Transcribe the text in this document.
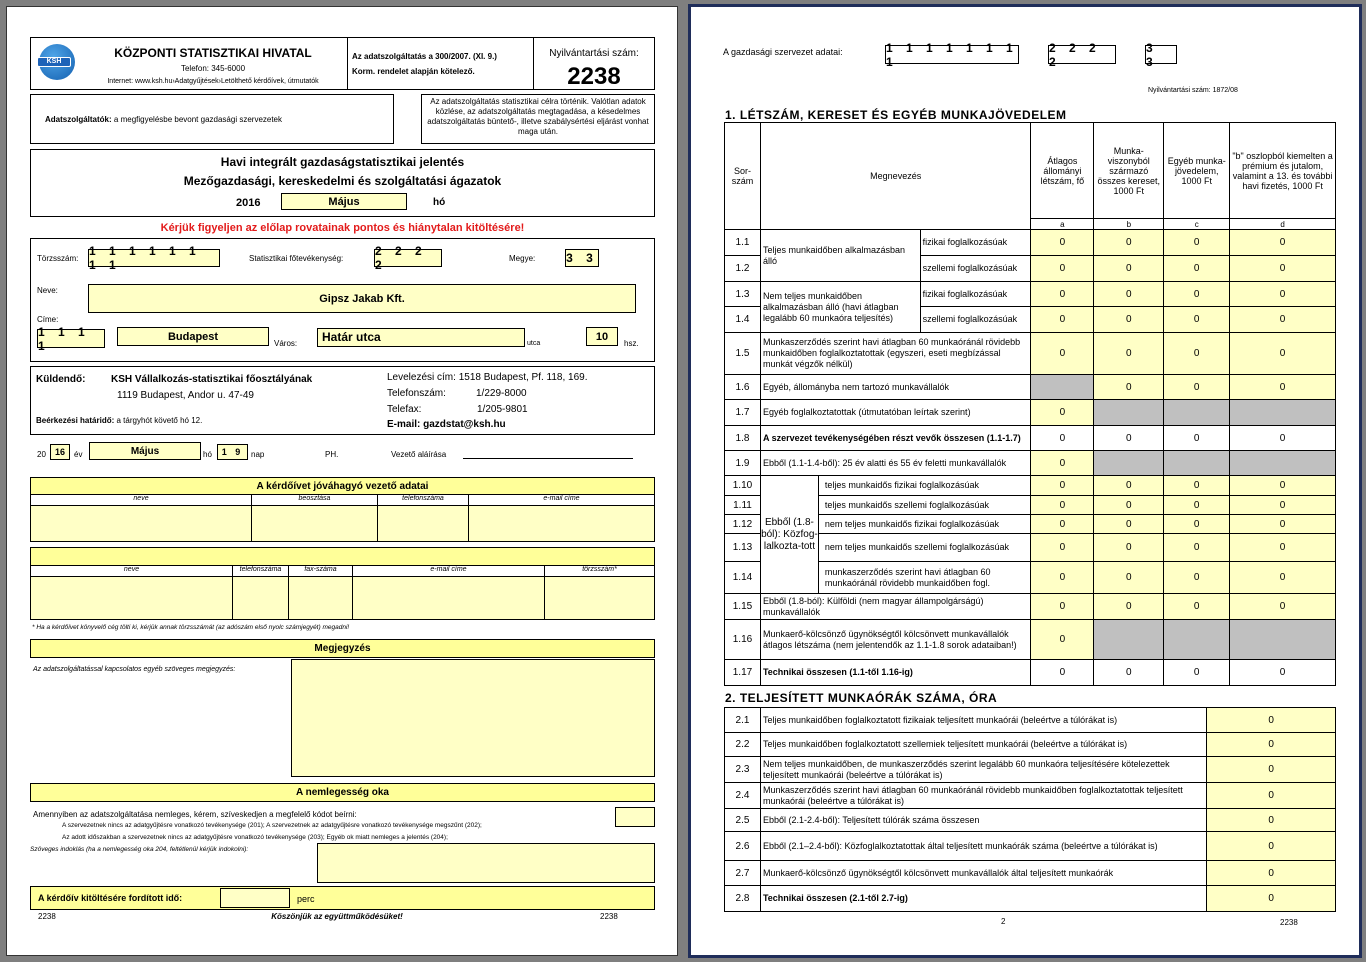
KSH
KÖZPONTI STATISZTIKAI HIVATAL
Telefon: 345-6000
Internet: www.ksh.hu›Adatgyűjtések›Letölthető kérdőívek, útmutatók
Az adatszolgáltatás a 300/2007. (XI. 9.)
Korm. rendelet alapján kötelező.
Nyilvántartási szám:
2238
Adatszolgáltatók: a megfigyelésbe bevont gazdasági szervezetek
Az adatszolgáltatás statisztikai célra történik. Valótlan adatok közlése, az adatszolgáltatás megtagadása, a késedelmes adatszolgáltatás büntető-, illetve szabálysértési eljárást vonhat maga után.
Havi integrált gazdaságstatisztikai jelentés
Mezőgazdasági, kereskedelmi és szolgáltatási ágazatok
2016	Május	hó
Kérjük figyeljen az előlap rovatainak pontos és hiánytalan kitöltésére!
Törzsszám:
1 1 1 1 1 1 1 1	Statisztikai főtevékenység:
2 2 2 2	Megye:	3 3
Neve:
Gipsz Jakab Kft.
Címe:
1 1 1 1
Budapest
Város:	Határ utca	utca
10
hsz.
Küldendő:	KSH Vállalkozás-statisztikai főosztályának
1119 Budapest, Andor u. 47-49
Beérkezési határidő: a tárgyhót követő hó 12.
Levelezési cím: 1518 Budapest, Pf. 118, 169.
Telefonszám:	1/229-8000
Telefax:	1/205-9801
E-mail: gazdstat@ksh.hu
20	16	év	Május	hó	1 9 nap	PH.	Vezető aláírása
A kérdőívet jóváhagyó vezető adatai
neve	beosztása	telefonszáma	e-mail címe
neve	telefonszáma	fax-száma	e-mail címe	törzsszám*
* Ha a kérdőívet könyvelő cég tölti ki, kérjük annak törzsszámát (az adószám első nyolc számjegyét) megadni!
Megjegyzés
Az adatszolgáltatással kapcsolatos egyéb szöveges megjegyzés:
A nemlegesség oka
Amennyiben az adatszolgáltatása nemleges, kérem, szíveskedjen a megfelelő kódot beírni:
A szervezetnek nincs az adatgyűjtésre vonatkozó tevékenysége (201); A szervezetnek az adatgyűjtésre vonatkozó tevékenysége megszűnt (202);
Az adott időszakban a szervezetnek nincs az adatgyűjtésre vonatkozó tevékenysége (203); Egyéb ok miatt nemleges a jelentés (204);
Szöveges indoklás (ha a nemlegesség oka 204, feltétlenül kérjük indokolni):
A kérdőív kitöltésére fordított idő:	perc
2238	Köszönjük az együttműködésüket!	2238
A gazdasági szervezet adatai:	1 1 1 1 1 1 1 1
2 2 2 2
3 3
Nyilvántartási szám: 1872/08
1. LÉTSZÁM, KERESET ÉS EGYÉB MUNKAJÖVEDELEM
Sor-szám	Megnevezés			Átlagos állományi létszám, fő	Munka-viszonyból származó összes kereset, 1000 Ft	Egyéb munka-jövedelem, 1000 Ft	"b" oszlopból kiemelten a prémium és jutalom, valamint a 13. és további havi fizetés, 1000 Ft
				a	b	c	d
1.1	Teljes munkaidőben alkalmazásban álló		fizikai foglalkozásúak	0	0	0	0
1.2			szellemi foglalkozásúak	0	0	0	0
1.3	Nem teljes munkaidőben alkalmazásban álló (havi átlagban legalább 60 munkaóra teljesítés)		fizikai foglalkozásúak	0	0	0	0
1.4			szellemi foglalkozásúak	0	0	0	0
1.5	Munkaszerződés szerint havi átlagban 60 munkaóránál rövidebb munkaidőben foglalkoztatottak (egyszeri, eseti megbízással munkát végzők nélkül)			0	0	0	0
1.6	Egyéb, állományba nem tartozó munkavállalók				0	0	0
1.7	Egyéb foglalkoztatottak (útmutatóban leírtak szerint)			0			
1.8	A szervezet tevékenységében részt vevők összesen (1.1-1.7)			0	0	0	0
1.9	Ebből (1.1-1.4-ből): 25 év alatti és 55 év feletti munkavállalók			0			
1.10	Ebből (1.8-ból): Közfog-lalkozta-tott	teljes munkaidős fizikai foglalkozásúak		0	0	0	0
1.11		teljes munkaidős szellemi foglalkozásúak		0	0	0	0
1.12		nem teljes munkaidős fizikai foglalkozásúak		0	0	0	0
1.13		nem teljes munkaidős szellemi foglalkozásúak		0	0	0	0
1.14		munkaszerződés szerint havi átlagban 60 munkaóránál rövidebb munkaidőben fogl.		0	0	0	0
1.15	Ebből (1.8-ból): Külföldi (nem magyar állampolgárságú) munkavállalók			0	0	0	0
1.16	Munkaerő-kölcsönző ügynökségtől kölcsönvett munkavállalók átlagos létszáma (nem jelentendők az 1.1-1.8 sorok adataiban!)			0			
1.17	Technikai összesen (1.1-től 1.16-ig)			0	0	0	0
2. TELJESÍTETT MUNKAÓRÁK SZÁMA, ÓRA
2.1	Teljes munkaidőben foglalkoztatott fizikaiak teljesített munkaórái (beleértve a túlórákat is)	0
2.2	Teljes munkaidőben foglalkoztatott szellemiek teljesített munkaórái (beleértve a túlórákat is)	0
2.3	Nem teljes munkaidőben, de munkaszerződés szerint legalább 60 munkaóra teljesítésére kötelezettek teljesített munkaórái (beleértve a túlórákat is)	0
2.4	Munkaszerződés szerint havi átlagban 60 munkaóránál rövidebb munkaidőben foglalkoztatottak teljesített munkaórái (beleértve a túlórákat is)	0
2.5	Ebből (2.1-2.4-ből): Teljesített túlórák száma összesen	0
2.6	Ebből (2.1–2.4-ből): Közfoglalkoztatottak által teljesített munkaórák száma (beleértve a túlórákat is)	0
2.7	Munkaerő-kölcsönző ügynökségtől kölcsönvett munkavállalók által teljesített munkaórák	0
2.8	Technikai összesen (2.1-től 2.7-ig)	0
2	2238
